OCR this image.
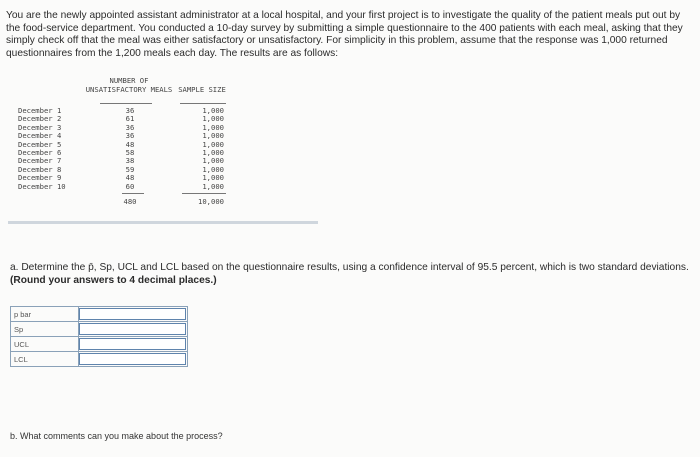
You are the newly appointed assistant administrator at a local hospital, and your first project is to investigate the quality of the patient meals put out by the food-service department. You conducted a 10-day survey by submitting a simple questionnaire to the 400 patients with each meal, asking that they simply check off that the meal was either satisfactory or unsatisfactory. For simplicity in this problem, assume that the response was 1,000 returned questionnaires from the 1,200 meals each day. The results are as follows:
NUMBER OF UNSATISFACTORY MEALS SAMPLE SIZE
December 1	36	1,000
December 2	61	1,000
December 3	36	1,000
December 4	36	1,000
December 5	48	1,000
December 6	58	1,000
December 7	38	1,000
December 8	59	1,000
December 9	48	1,000
December 10	60	1,000
480	10,000
a. Determine the p̄, Sp, UCL and LCL based on the questionnaire results, using a confidence interval of 95.5 percent, which is two standard deviations. (Round your answers to 4 decimal places.)
p bar
Sp
UCL
LCL
b. What comments can you make about the process?
